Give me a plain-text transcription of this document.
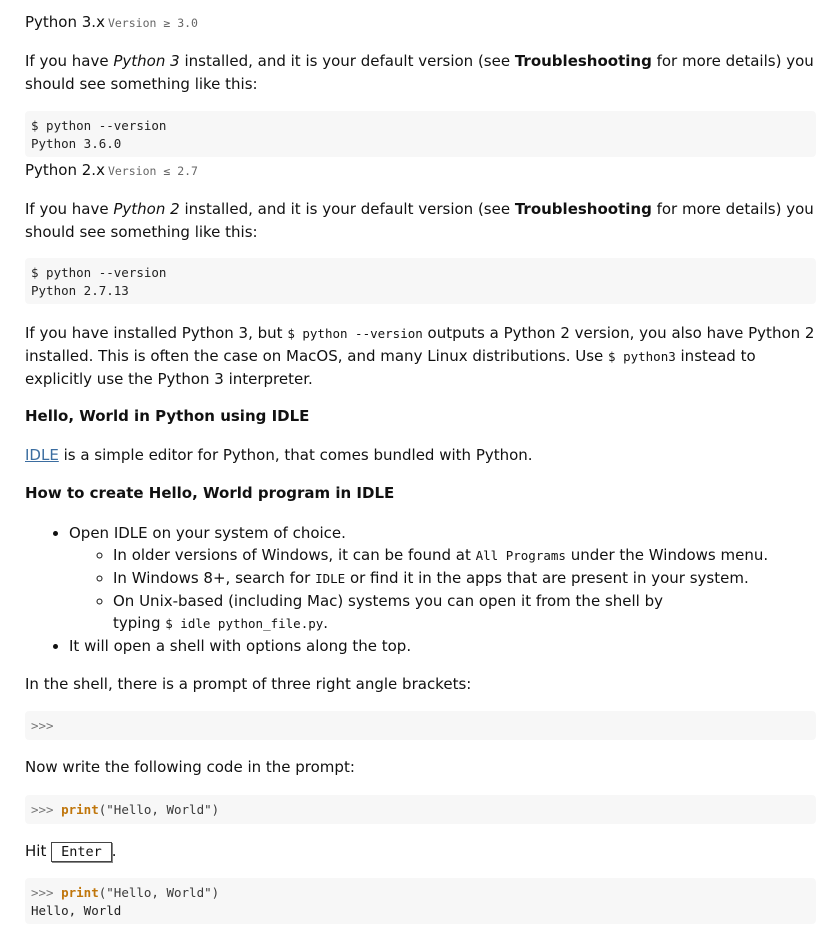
Python 3.x Version ≥ 3.0

If you have Python 3 installed, and it is your default version (see Troubleshooting for more details) you should see something like this:

$ python --version
Python 3.6.0
Python 2.x Version ≤ 2.7

If you have Python 2 installed, and it is your default version (see Troubleshooting for more details) you should see something like this:

$ python --version
Python 2.7.13

If you have installed Python 3, but $ python --version outputs a Python 2 version, you also have Python 2 installed. This is often the case on MacOS, and many Linux distributions. Use $ python3 instead to explicitly use the Python 3 interpreter.

Hello, World in Python using IDLE

IDLE is a simple editor for Python, that comes bundled with Python.

How to create Hello, World program in IDLE
• Open IDLE on your system of choice.
◦ In older versions of Windows, it can be found at All Programs under the Windows menu.
◦ In Windows 8+, search for IDLE or find it in the apps that are present in your system.
◦ On Unix-based (including Mac) systems you can open it from the shell by typing $ idle python_file.py.
• It will open a shell with options along the top.

In the shell, there is a prompt of three right angle brackets:

>>>

Now write the following code in the prompt:

>>> print("Hello, World")

Hit Enter .

>>> print("Hello, World")
Hello, World
